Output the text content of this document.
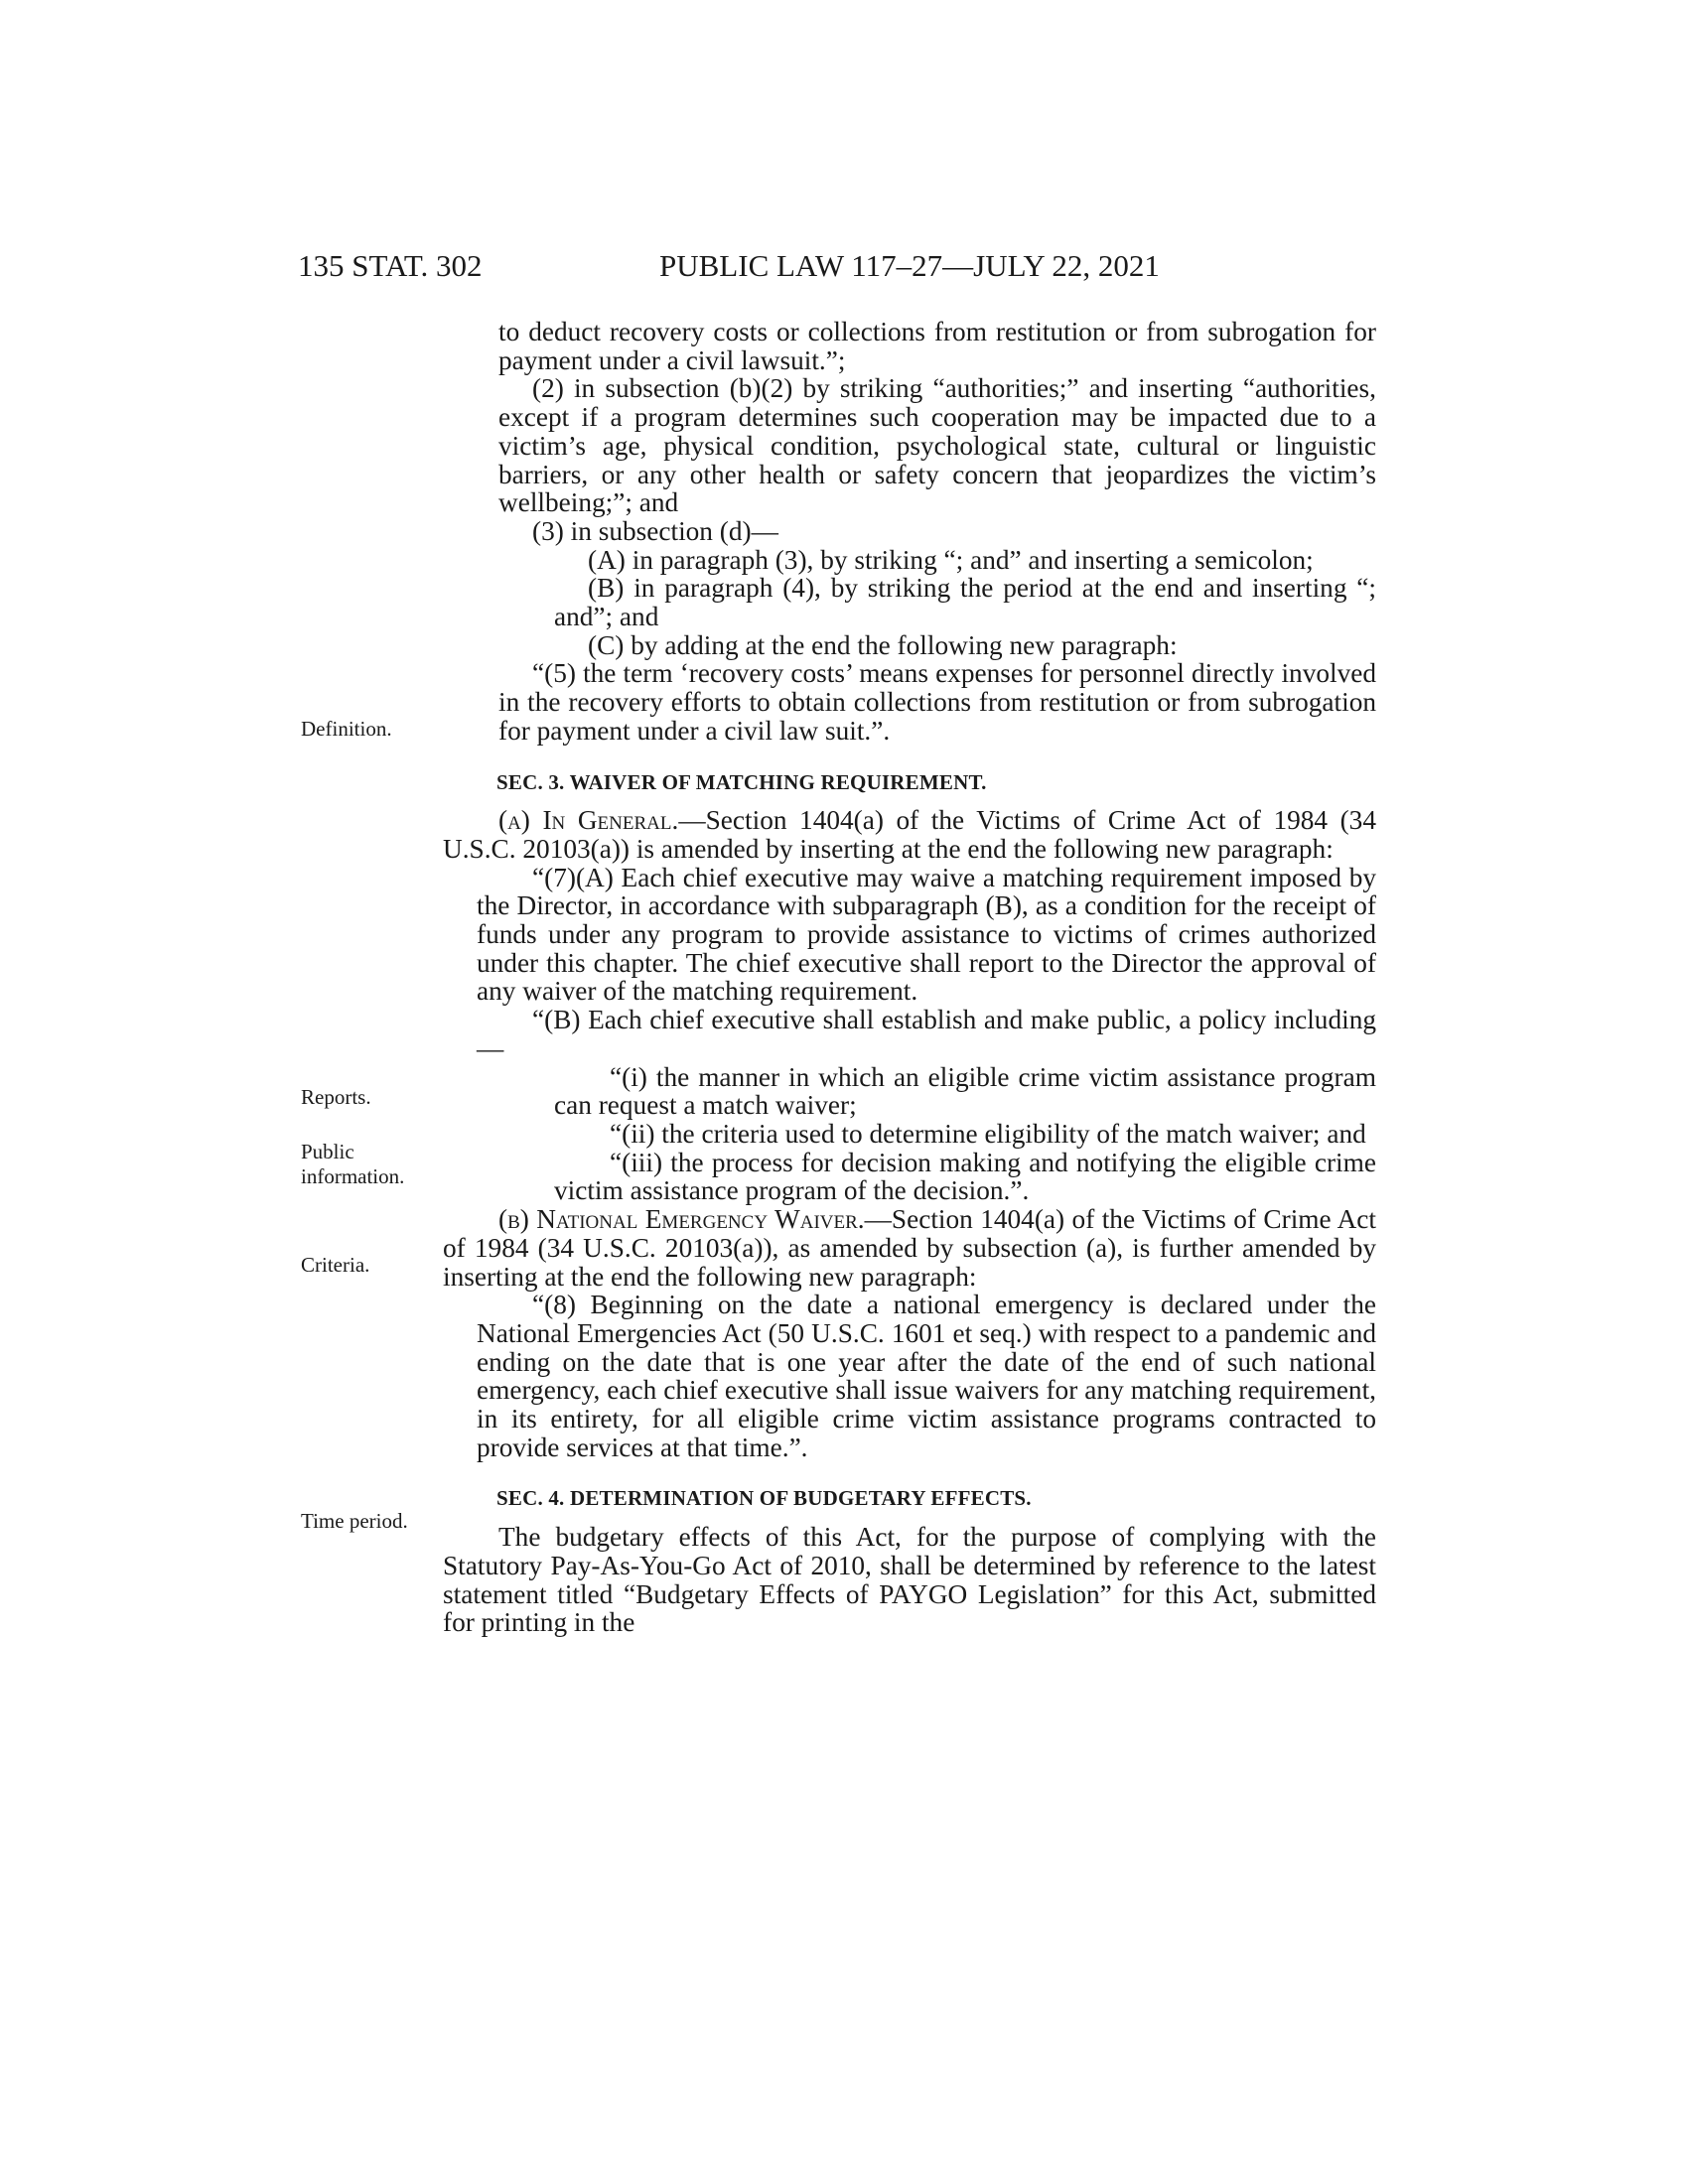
135 STAT. 302	PUBLIC LAW 117–27—JULY 22, 2021
Definition.
Reports.
Public
information.
Criteria.
Time period.

to deduct recovery costs or collections from restitution or from subrogation for payment under a civil lawsuit.”;

(2) in subsection (b)(2) by striking “authorities;” and inserting “authorities, except if a program determines such cooperation may be impacted due to a victim’s age, physical condition, psychological state, cultural or linguistic barriers, or any other health or safety concern that jeopardizes the victim’s wellbeing;”; and

(3) in subsection (d)—

(A) in paragraph (3), by striking “; and” and inserting a semicolon;

(B) in paragraph (4), by striking the period at the end and inserting “; and”; and

(C) by adding at the end the following new paragraph:

“(5) the term ‘recovery costs’ means expenses for personnel directly involved in the recovery efforts to obtain collections from restitution or from subrogation for payment under a civil law suit.”.

SEC. 3. WAIVER OF MATCHING REQUIREMENT.

(a) In General.—Section 1404(a) of the Victims of Crime Act of 1984 (34 U.S.C. 20103(a)) is amended by inserting at the end the following new paragraph:

“(7)(A) Each chief executive may waive a matching requirement imposed by the Director, in accordance with subparagraph (B), as a condition for the receipt of funds under any program to provide assistance to victims of crimes authorized under this chapter. The chief executive shall report to the Director the approval of any waiver of the matching requirement.

“(B) Each chief executive shall establish and make public, a policy including—

“(i) the manner in which an eligible crime victim assistance program can request a match waiver;

“(ii) the criteria used to determine eligibility of the match waiver; and

“(iii) the process for decision making and notifying the eligible crime victim assistance program of the decision.”.

(b) National Emergency Waiver.—Section 1404(a) of the Victims of Crime Act of 1984 (34 U.S.C. 20103(a)), as amended by subsection (a), is further amended by inserting at the end the following new paragraph:

“(8) Beginning on the date a national emergency is declared under the National Emergencies Act (50 U.S.C. 1601 et seq.) with respect to a pandemic and ending on the date that is one year after the date of the end of such national emergency, each chief executive shall issue waivers for any matching requirement, in its entirety, for all eligible crime victim assistance programs contracted to provide services at that time.”.

SEC. 4. DETERMINATION OF BUDGETARY EFFECTS.

The budgetary effects of this Act, for the purpose of complying with the Statutory Pay-As-You-Go Act of 2010, shall be determined by reference to the latest statement titled “Budgetary Effects of PAYGO Legislation” for this Act, submitted for printing in the
